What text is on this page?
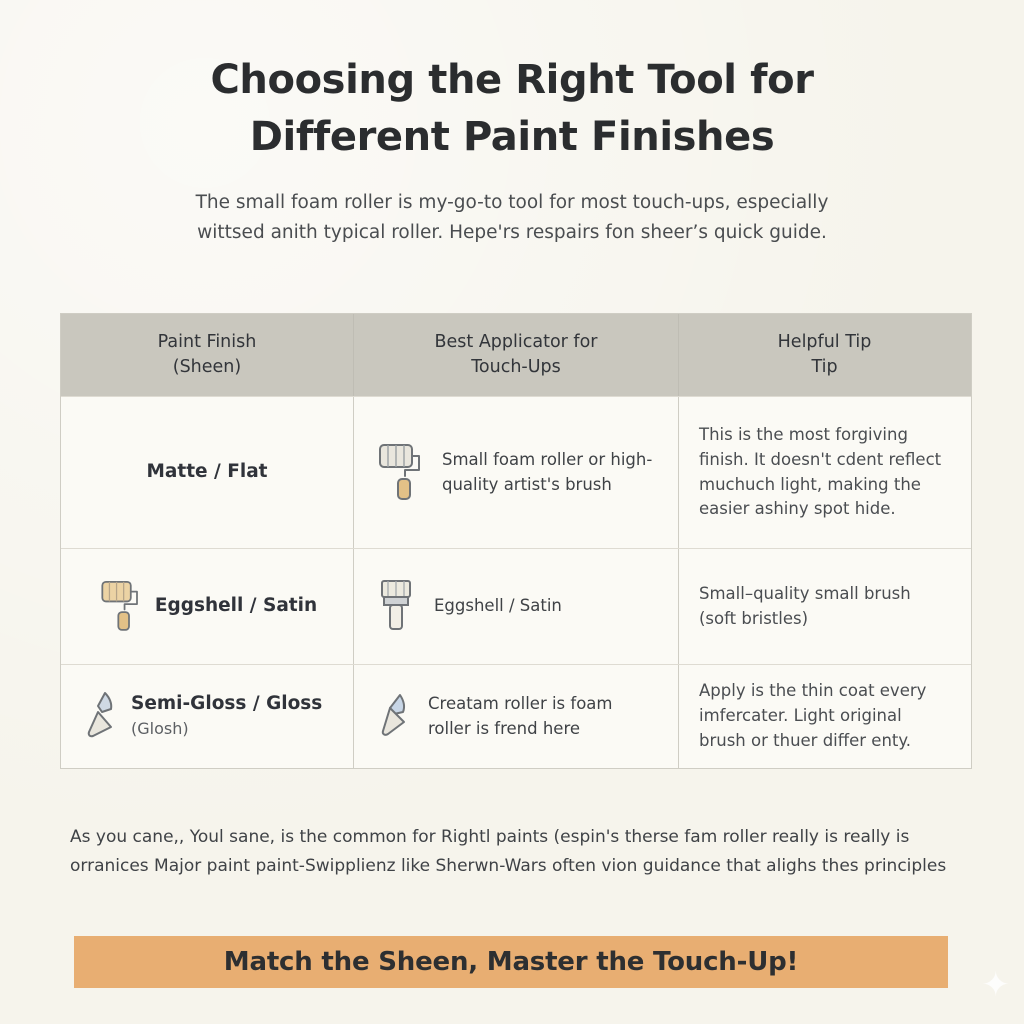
Choosing the Right Tool for Different Paint Finishes

The small foam roller is my-go-to tool for most touch-ups, especially wittsed anith typical roller. Hepe'rs respairs fon sheer’s quick guide.

Paint Finish
(Sheen)
Best Applicator for
Touch-Ups
Helpful Tip
Tip
Matte / Flat
Small foam roller or high-quality artist's brush
This is the most forgiving finish. It doesn't cdent reflect muchuch light, making the easier ashiny spot hide.
Eggshell / Satin	Eggshell / Satin
Small–quality small brush (soft bristles)
Semi-Gloss / Gloss (Glosh)
Creatam roller is foam roller is frend here
Apply is the thin coat every imfercater. Light original brush or thuer differ enty.

As you cane,, Youl sane, is the common for Rightl paints (espin's therse fam roller really is really is orranices Major paint paint-Swipplienz like Sherwn-Wars often vion guidance that alighs thes principles

Match the Sheen, Master the Touch-Up!
✦
